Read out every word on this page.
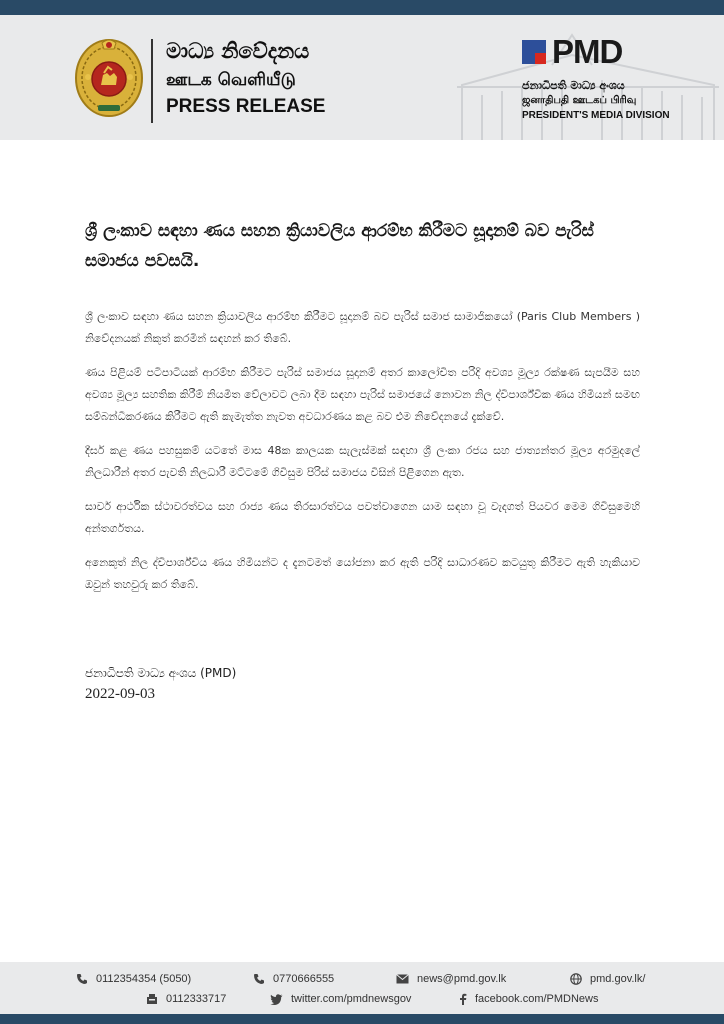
මාධ්‍ය නිවේදනය
ஊடக வெளியீடு
PRESS RELEASE
PMD
ජනාධිපති මාධ්‍ය අංශය
ஜனாதிபதி ஊடகப் பிரிவு
PRESIDENT'S MEDIA DIVISION
ශ්‍රී ලංකාව සඳහා ණය සහන ක්‍රියාවලිය ආරම්භ කිරීමට සූදානම් බව පැරිස් සමාජය පවසයි.

ශ්‍රී ලංකාව සඳහා ණය සහන ක්‍රියාවලිය ආරම්භ කිරීමට සූදානම් බව පැරිස් සමාජ සාමාජිකයෝ (Paris Club Members ) නිවේදනයක් නිකුත් කරමින් සඳහන් කර තිබේ.

ණය පිළියම් පටිපාටියක් ආරම්භ කිරීමට පැරිස් සමාජය සූදානම් අතර කාලෝචිත පරිදි අවශ්‍ය මූල්‍ය රක්ෂණ සැපයීම සහ අවශ්‍ය මූල්‍ය සහතික කිරීම් නියමිත වේලාවට ලබා දීම සඳහා පැරිස් සමාජයේ නොවන නිල ද්විපාර්ශ්වික ණය හිමියන් සමඟ සම්බන්ධීකරණය කිරීමට ඇති කැමැත්ත නැවත අවධාරණය කළ බව එම නිවේදනයේ දැක්වේ.

දීර්ඝ කළ ණය පහසුකම් යටතේ මාස 48ක කාලයක සැලැස්මක් සඳහා ශ්‍රී ලංකා රජය සහ ජාත්‍යන්තර මූල්‍ය අරමුදලේ නිලධාරීන් අතර පැවති නිලධාරී මට්ටමේ ගිවිසුම පිරිස් සමාජය විසින් පිළිගෙන ඇත.

සාර්ව ආර්ථික ස්ථාවරත්වය සහ රාජ්‍ය ණය තිරසාරත්වය පවත්වාගෙන යාම සඳහා වූ වැදගත් පියවර මෙම ගිවිසුමෙහි අන්තර්ගතය.

අනෙකුත් නිල ද්විපාර්ශ්වීය ණය හිමියන්ට ද දැනටමත් යෝජනා කර ඇති පරිදි සාධාරණව කටයුතු කිරීමට ඇති හැකියාව ඔවුන් තහවුරු කර තිබේ.

ජනාධිපති මාධ්‍ය අංශය (PMD)
2022-09-03
0112354354 (5050)	0770666555	news@pmd.gov.lk	pmd.gov.lk/
0112333717	twitter.com/pmdnewsgov	facebook.com/PMDNews
